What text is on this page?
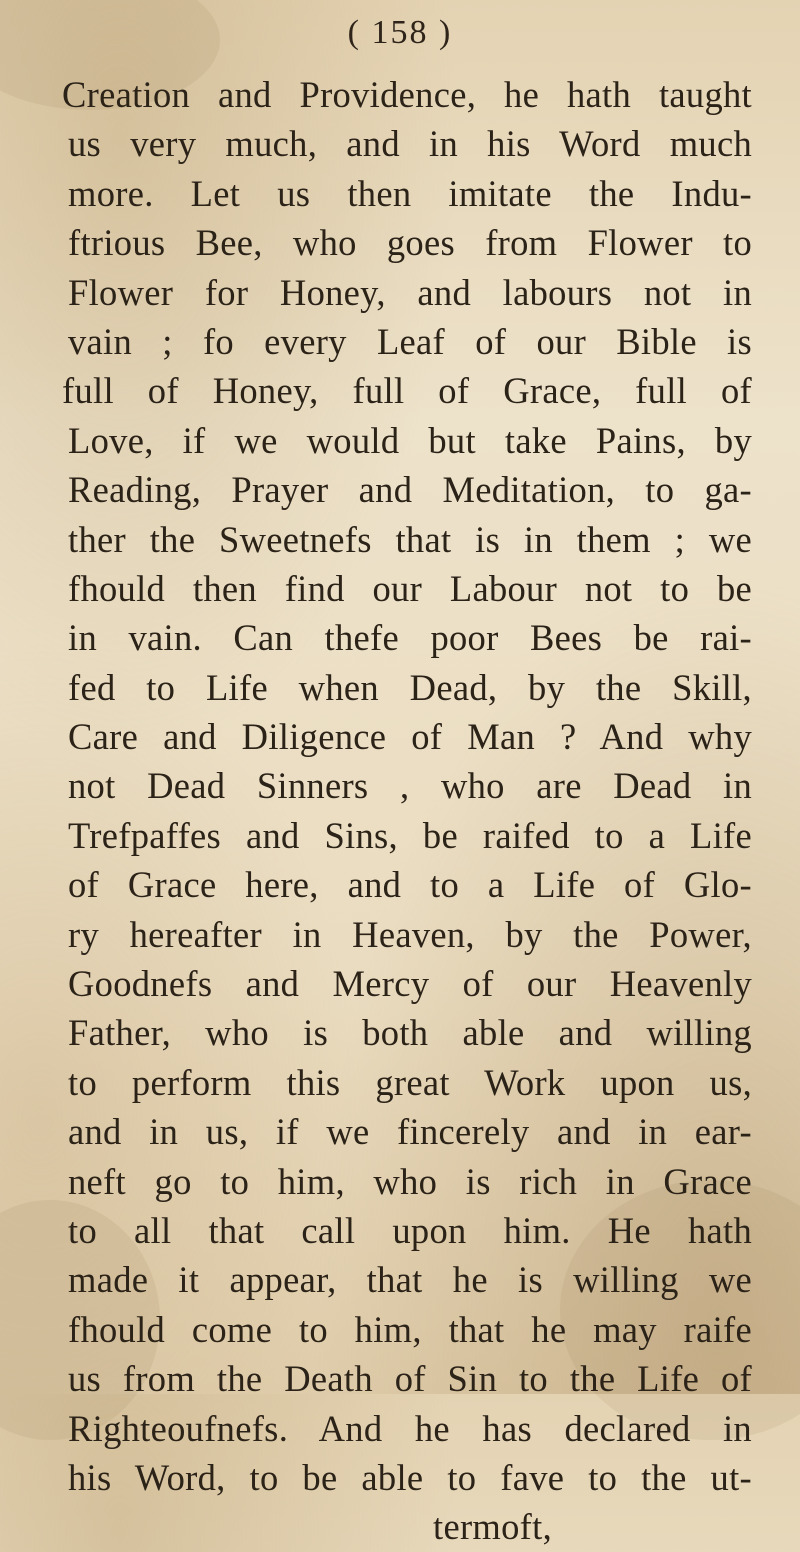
( 158 )
Creation and Providence, he hath taught
us very much, and in his Word much
more. Let us then imitate the Indu-
ftrious Bee, who goes from Flower to
Flower for Honey, and labours not in
vain ; fo every Leaf of our Bible is
full of Honey, full of Grace, full of
Love, if we would but take Pains, by
Reading, Prayer and Meditation, to ga-
ther the Sweetnefs that is in them ; we
fhould then find our Labour not to be
in vain. Can thefe poor Bees be rai-
fed to Life when Dead, by the Skill,
Care and Diligence of Man ? And why
not Dead Sinners , who are Dead in
Trefpaffes and Sins, be raifed to a Life
of Grace here, and to a Life of Glo-
ry hereafter in Heaven, by the Power,
Goodnefs and Mercy of our Heavenly
Father, who is both able and willing
to perform this great Work upon us,
and in us, if we fincerely and in ear-
neft go to him, who is rich in Grace
to all that call upon him. He hath
made it appear, that he is willing we
fhould come to him, that he may raife
us from the Death of Sin to the Life of
Righteoufnefs. And he has declared in
his Word, to be able to fave to the ut-
termoft,
